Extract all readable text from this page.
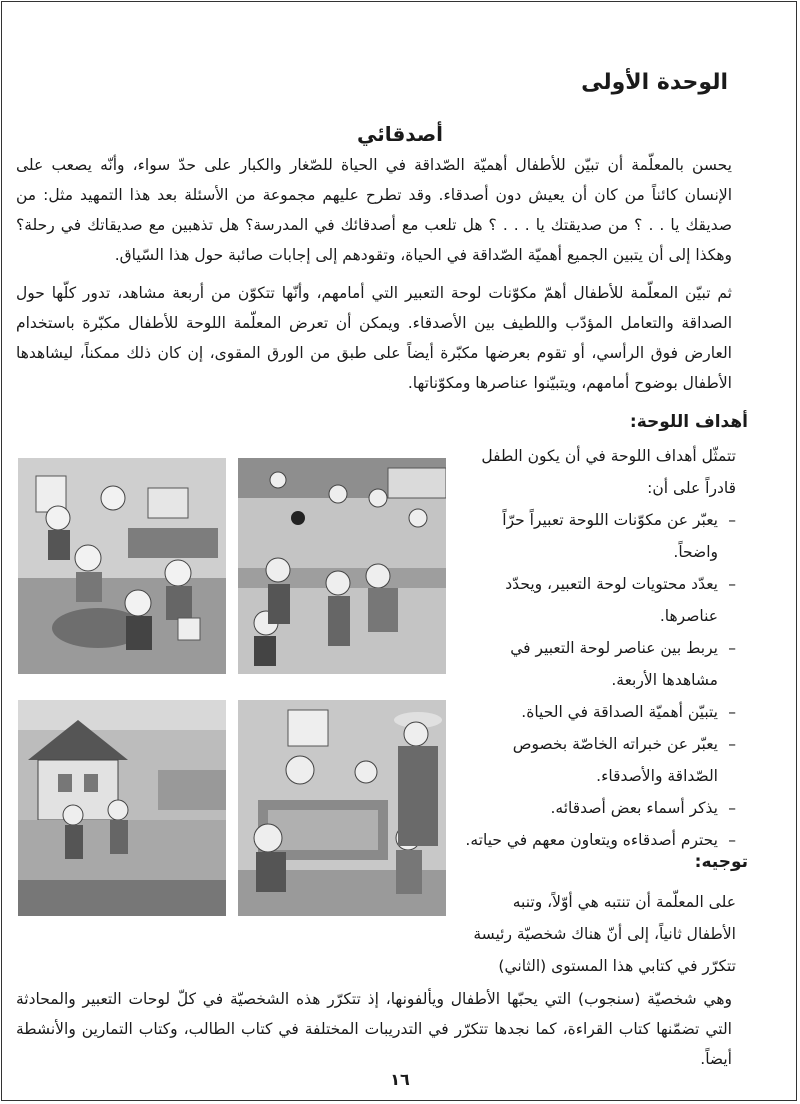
الوحدة الأولى
أصدقائي

يحسن بالمعلّمة أن تبيّن للأطفال أهميّة الصّداقة في الحياة للصّغار والكبار على حدّ سواء، وأنّه يصعب على الإنسان كائناً من كان أن يعيش دون أصدقاء. وقد تطرح عليهم مجموعة من الأسئلة بعد هذا التمهيد مثل: من صديقك يا . . ؟ من صديقتك يا . . . ؟ هل تلعب مع أصدقائك في المدرسة؟ هل تذهبين مع صديقاتك في رحلة؟ وهكذا إلى أن يتبين الجميع أهميّة الصّداقة في الحياة، وتقودهم إلى إجابات صائبة حول هذا السّياق.

ثم تبيّن المعلّمة للأطفال أهمّ مكوّنات لوحة التعبير التي أمامهم، وأنّها تتكوّن من أربعة مشاهد، تدور كلّها حول الصداقة والتعامل المؤدّب واللطيف بين الأصدقاء. ويمكن أن تعرض المعلّمة اللوحة للأطفال مكبّرة باستخدام العارض فوق الرأسي، أو تقوم بعرضها مكبّرة أيضاً على طبق من الورق المقوى، إن كان ذلك ممكناً، ليشاهدها الأطفال بوضوح أمامهم، ويتبيّنوا عناصرها ومكوّناتها.

أهداف اللوحة:

تتمثّل أهداف اللوحة في أن يكون الطفل قادراً على أن:

– يعبّر عن مكوّنات اللوحة تعبيراً حرّاً واضحاً.
– يعدّد محتويات لوحة التعبير، ويحدّد عناصرها.
– يربط بين عناصر لوحة التعبير في مشاهدها الأربعة.
– يتبيّن أهميّة الصداقة في الحياة.
– يعبّر عن خبراته الخاصّة بخصوص الصّداقة والأصدقاء.
– يذكر أسماء بعض أصدقائه.
– يحترم أصدقاءه ويتعاون معهم في حياته.
توجيه:

على المعلّمة أن تنتبه هي أوّلاً، وتنبه الأطفال ثانياً، إلى أنّ هناك شخصيّة رئيسة تتكرّر في كتابي هذا المستوى (الثاني)

وهي شخصيّة (سنجوب) التي يحبّها الأطفال ويألفونها، إذ تتكرّر هذه الشخصيّة في كلّ لوحات التعبير والمحادثة التي تضمّنها كتاب القراءة، كما نجدها تتكرّر في التدريبات المختلفة في كتاب الطالب، وكتاب التمارين والأنشطة أيضاً.

١٦
